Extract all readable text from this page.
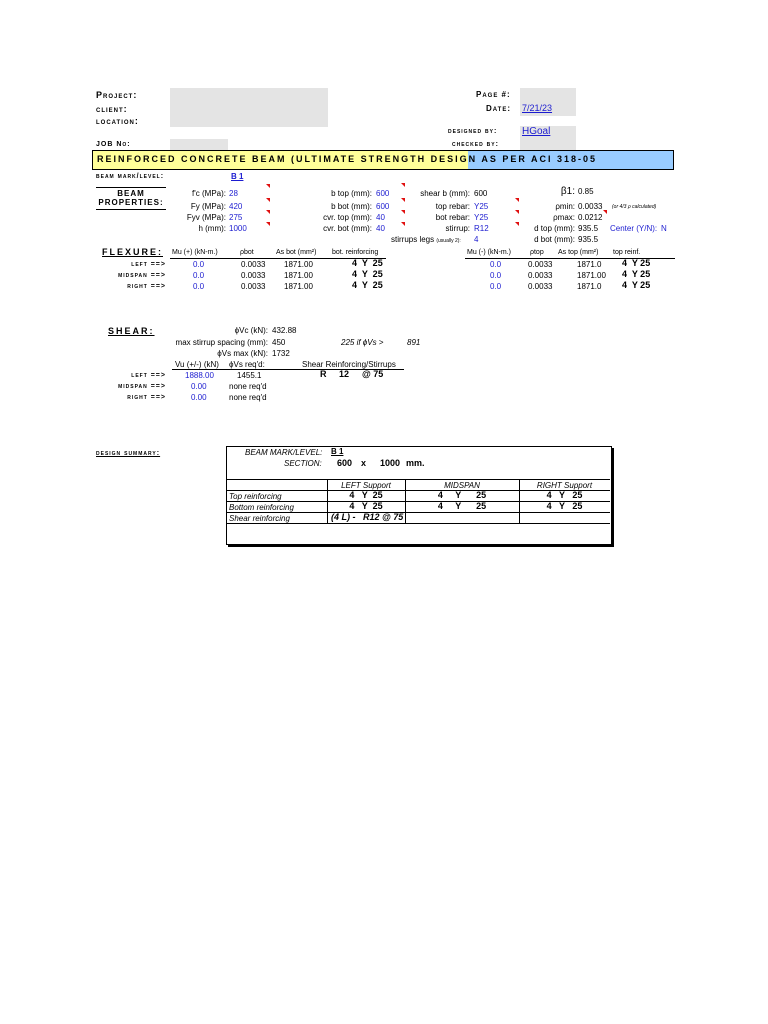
Project:
client:
location:
Page #:
Date: 7/21/23
designed by: HGoal
JOB No:	checked by:
REINFORCED CONCRETE BEAM (ULTIMATE STRENGTH DESIGN AS PER ACI 318-05
beam mark/level:	B 1
BEAM
PROPERTIES:
f'c (MPa): 28
Fy (MPa): 420
Fyv (MPa): 275
h (mm): 1000
b top (mm): 600
b bot (mm): 600
cvr. top (mm): 40
cvr. bot (mm): 40
shear b (mm): 600
top rebar: Y25
bot rebar: Y25
stirrup: R12
stirrups legs (usually 2): 4
β1: 0.85
ρmin: 0.0033 (or 4/3 ρ calculated)
ρmax: 0.0212
d top (mm): 935.5 Center (Y/N): N
d bot (mm): 935.5
FLEXURE: Mu (+) (kN-m.)	ρbot	As bot (mm²) bot. reinforcing	Mu (-) (kN-m.)	ρtop As top (mm²) top reinf.
left ==>	0.0	0.0033 1871.00	4  Y  25	0.0	0.0033	1871.0 4  Y 25
midspan ==>	0.0	0.0033 1871.00	4  Y  25	0.0	0.0033	1871.00 4  Y 25
right ==>	0.0	0.0033 1871.00	4  Y  25	0.0	0.0033	1871.0 4  Y 25
SHEAR:	ϕVc (kN): 432.88
max stirrup spacing (mm): 450	225 if ϕVs >	891
ϕVs max (kN): 1732
Vu (+/-) (kN) ϕVs req'd:	Shear Reinforcing/Stirrups
left ==> 1888.00	1455.1	R 12 @ 75
midspan ==>	0.00	none req'd
right ==>	0.00	none req'd
design summary:	BEAM MARK/LEVEL: B 1
SECTION: 600 x 1000 mm.
LEFT Support	MIDSPAN	RIGHT Support
Top reinforcing	4   Y  25	4     Y      25	4   Y   25
Bottom reinforcing	4   Y  25	4     Y      25	4   Y   25
Shear reinforcing	(4 L) -   R12 @ 75
